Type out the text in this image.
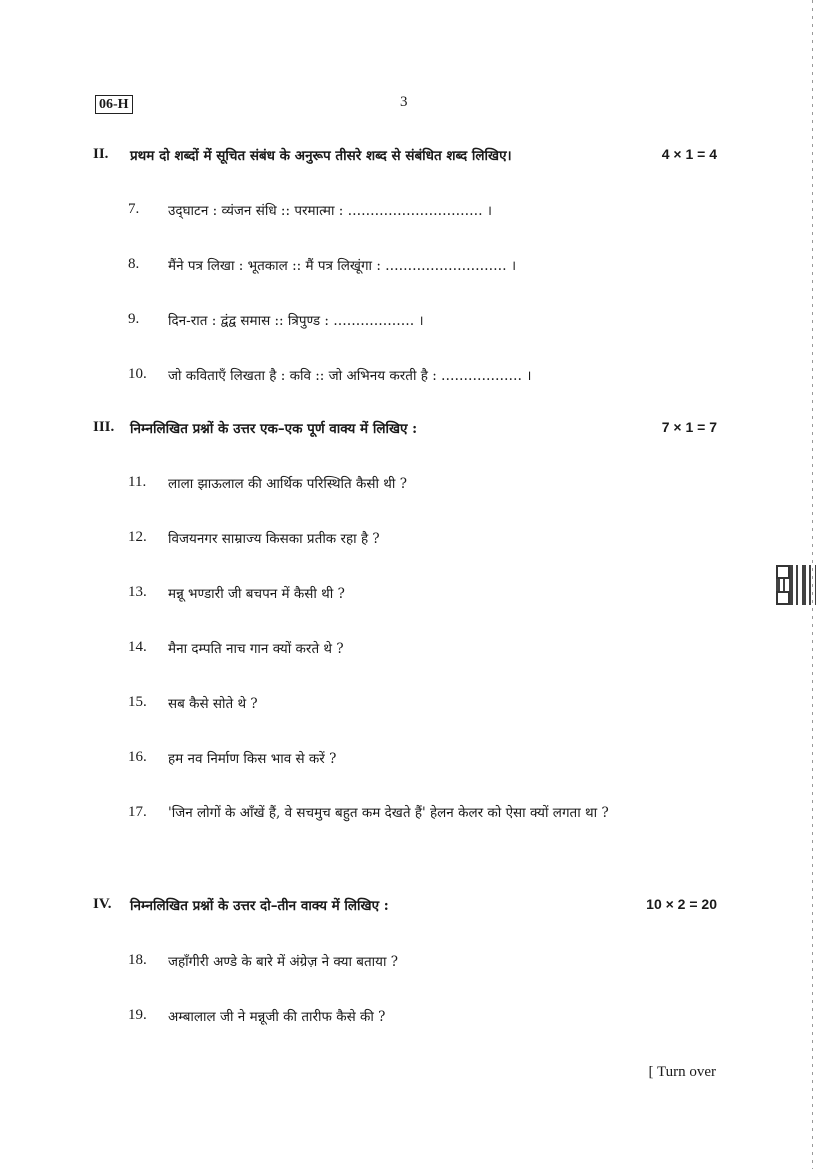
06-H	3
II. प्रथम दो शब्दों में सूचित संबंध के अनुरूप तीसरे शब्द से संबंधित शब्द लिखिए।	4 × 1 = 4
7. उद्‌घाटन : व्यंजन संधि :: परमात्मा : ………………………… ।
8. मैंने पत्र लिखा : भूतकाल :: मैं पत्र लिखूंगा : ……………………… ।
9. दिन-रात : द्वंद्व समास :: त्रिपुण्ड : ……………… ।
10. जो कविताएँ लिखता है : कवि :: जो अभिनय करती है : ……………… ।
III. निम्नलिखित प्रश्नों के उत्तर एक–एक पूर्ण वाक्य में लिखिए :	7 × 1 = 7
11. लाला झाऊलाल की आर्थिक परिस्थिति कैसी थी ?
12. विजयनगर साम्राज्य किसका प्रतीक रहा है ?
13. मन्नू भण्डारी जी बचपन में कैसी थी ?
14. मैना दम्पति नाच गान क्यों करते थे ?
15. सब कैसे सोते थे ?
16. हम नव निर्माण किस भाव से करें ?
17. 'जिन लोगों के आँखें हैं, वे सचमुच बहुत कम देखते हैं' हेलन केलर को ऐसा क्यों लगता था ?
IV. निम्नलिखित प्रश्नों के उत्तर दो–तीन वाक्य में लिखिए :	10 × 2 = 20
18. जहाँगीरी अण्डे के बारे में अंग्रेज़ ने क्या बताया ?
19. अम्बालाल जी ने मन्नूजी की तारीफ कैसे की ?
[ Turn over
